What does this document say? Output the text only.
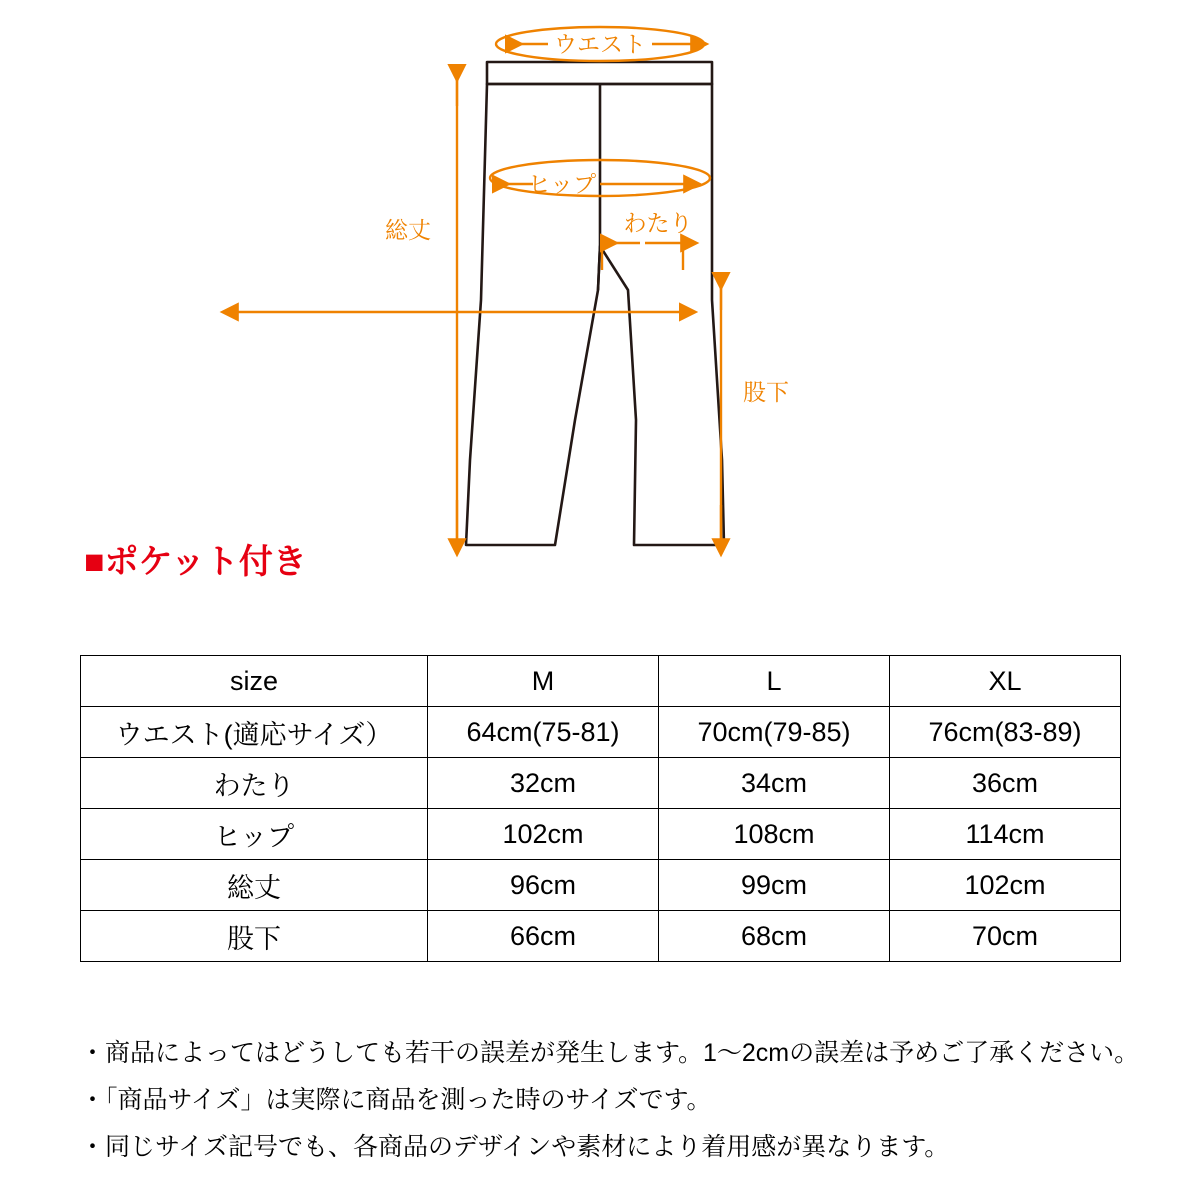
ウエスト
ヒップ
わたり
総丈
股下
■ポケット付き
size	M	L	XL
ウエスト(適応サイズ）	64cm(75-81)	70cm(79-85)	76cm(83-89)
わたり	32cm	34cm	36cm
ヒップ	102cm	108cm	114cm
総丈	96cm	99cm	102cm
股下	66cm	68cm	70cm
・商品によってはどうしても若干の誤差が発生します。1～2cmの誤差は予めご了承ください。
・「商品サイズ」は実際に商品を測った時のサイズです。
・同じサイズ記号でも、各商品のデザインや素材により着用感が異なります。
